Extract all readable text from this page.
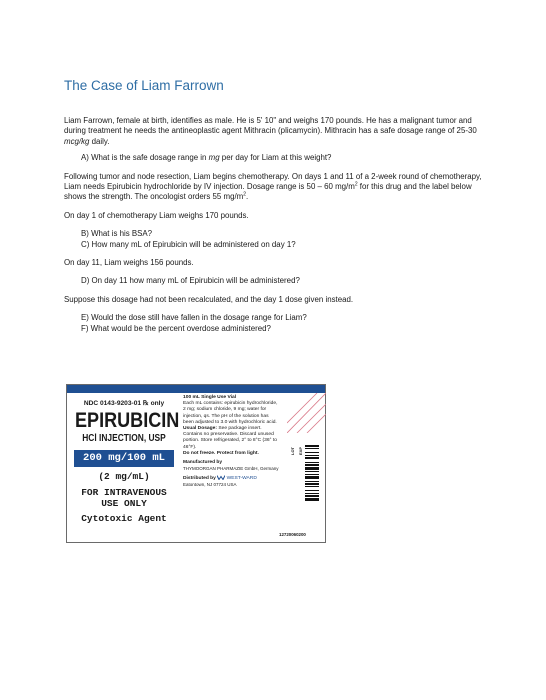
The Case of Liam Farrown

Liam Farrown, female at birth, identifies as male. He is 5' 10" and weighs 170 pounds. He has a malignant tumor and during treatment he needs the antineoplastic agent Mithracin (plicamycin). Mithracin has a safe dosage range of 25-30 mcg/kg daily.

A) What is the safe dosage range in mg per day for Liam at this weight?

Following tumor and node resection, Liam begins chemotherapy. On days 1 and 11 of a 2-week round of chemotherapy, Liam needs Epirubicin hydrochloride by IV injection. Dosage range is 50 – 60 $mg/m^2$ for this drug and the label below shows the strength. The oncologist orders 55 $mg/m^2$.

On day 1 of chemotherapy Liam weighs 170 pounds.

B) What is his BSA?

C) How many mL of Epirubicin will be administered on day 1?

On day 11, Liam weighs 156 pounds.

D) On day 11 how many mL of Epirubicin will be administered?

Suppose this dosage had not been recalculated, and the day 1 dose given instead.

E) Would the dose still have fallen in the dosage range for Liam?

F) What would be the percent overdose administered?

NDC 0143-9203-01 ℞ only
EPIRUBICIN
HCl INJECTION, USP
200 mg/100 mL
(2 mg/mL)
FOR INTRAVENOUS
USE ONLY
Cytotoxic Agent

100 mL Single Use Vial

Each mL contains: epirubicin hydrochloride, 2 mg; sodium chloride, 9 mg; water for injection, qs. The pH of the solution has been adjusted to 3.0 with hydrochloric acid.

Usual Dosage: See package insert.

Contains no preservative. Discard unused portion. Store refrigerated, 2° to 8°C (36° to 46°F).

Do not freeze. Protect from light.

Manufactured by

THYMOORGAN PHARMAZIE GmbH, Germany

Distributed by WEST-WARD

Eatontown, NJ 07724 USA

LOT EXP
12720060200
